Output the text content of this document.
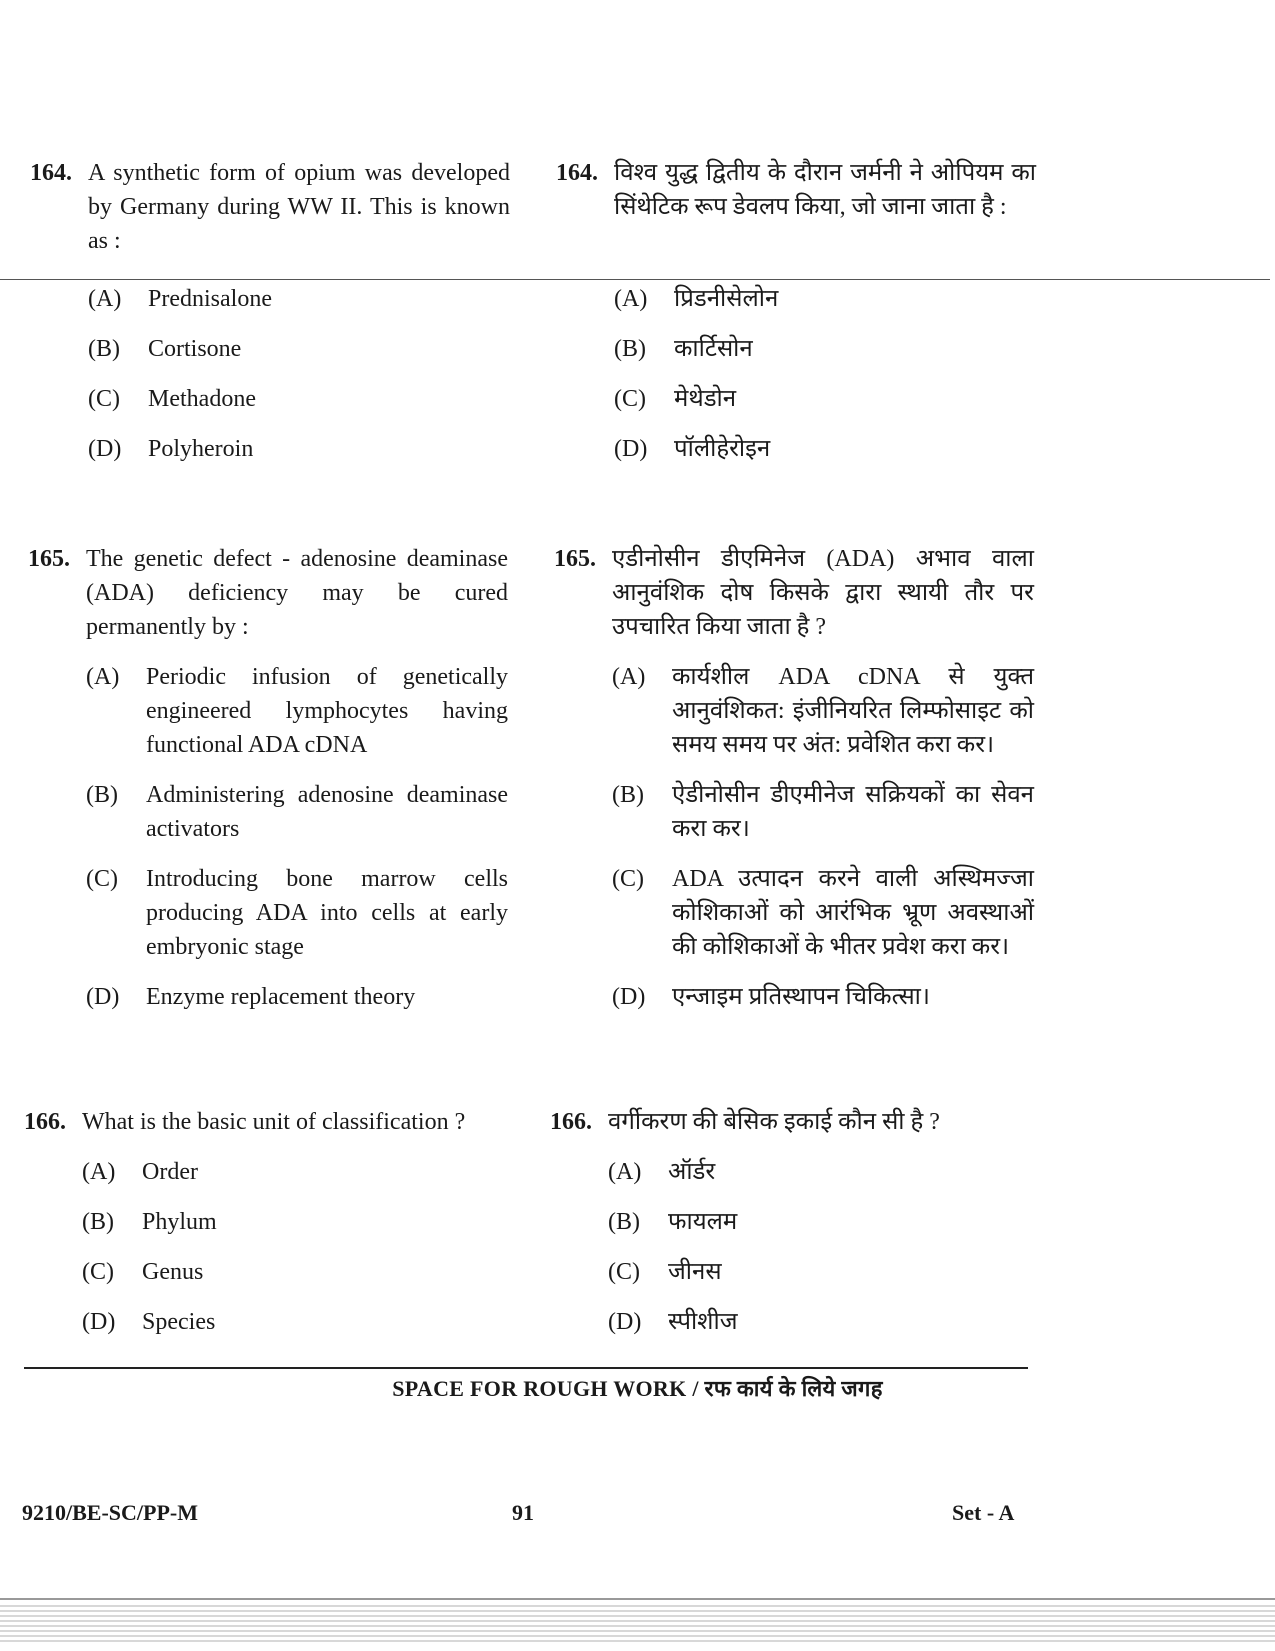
164. A synthetic form of opium was developed by Germany during WW II. This is known as :
(A)	Prednisalone
(B)	Cortisone
(C)	Methadone
(D)	Polyheroin
164. विश्व युद्ध द्वितीय के दौरान जर्मनी ने ओपियम का सिंथेटिक रूप डेवलप किया, जो जाना जाता है :
(A)	प्रिडनीसेलोन
(B)	कार्टिसोन
(C)	मेथेडोन
(D)	पॉलीहेरोइन
165. The genetic defect - adenosine deaminase (ADA) deficiency may be cured permanently by :
(A)	Periodic infusion of genetically engineered lymphocytes having functional ADA cDNA
(B)	Administering adenosine deaminase activators
(C)	Introducing bone marrow cells producing ADA into cells at early embryonic stage
(D)	Enzyme replacement theory
165. एडीनोसीन डीएमिनेज (ADA) अभाव वाला आनुवंशिक दोष किसके द्वारा स्थायी तौर पर उपचारित किया जाता है ?
(A)	कार्यशील ADA cDNA से युक्त आनुवंशिकत: इंजीनियरित लिम्फोसाइट को समय समय पर अंत: प्रवेशित करा कर।
(B)	ऐडीनोसीन डीएमीनेज सक्रियकों का सेवन करा कर।
(C)	ADA उत्पादन करने वाली अस्थिमज्जा कोशिकाओं को आरंभिक भ्रूण अवस्थाओं की कोशिकाओं के भीतर प्रवेश करा कर।
(D)	एन्जाइम प्रतिस्थापन चिकित्सा।
166. What is the basic unit of classification ?
(A)	Order
(B)	Phylum
(C)	Genus
(D)	Species
166. वर्गीकरण की बेसिक इकाई कौन सी है ?
(A)	ऑर्डर
(B)	फायलम
(C)	जीनस
(D)	स्पीशीज
SPACE FOR ROUGH WORK / रफ कार्य के लिये जगह
9210/BE-SC/PP-M	91	Set - A
